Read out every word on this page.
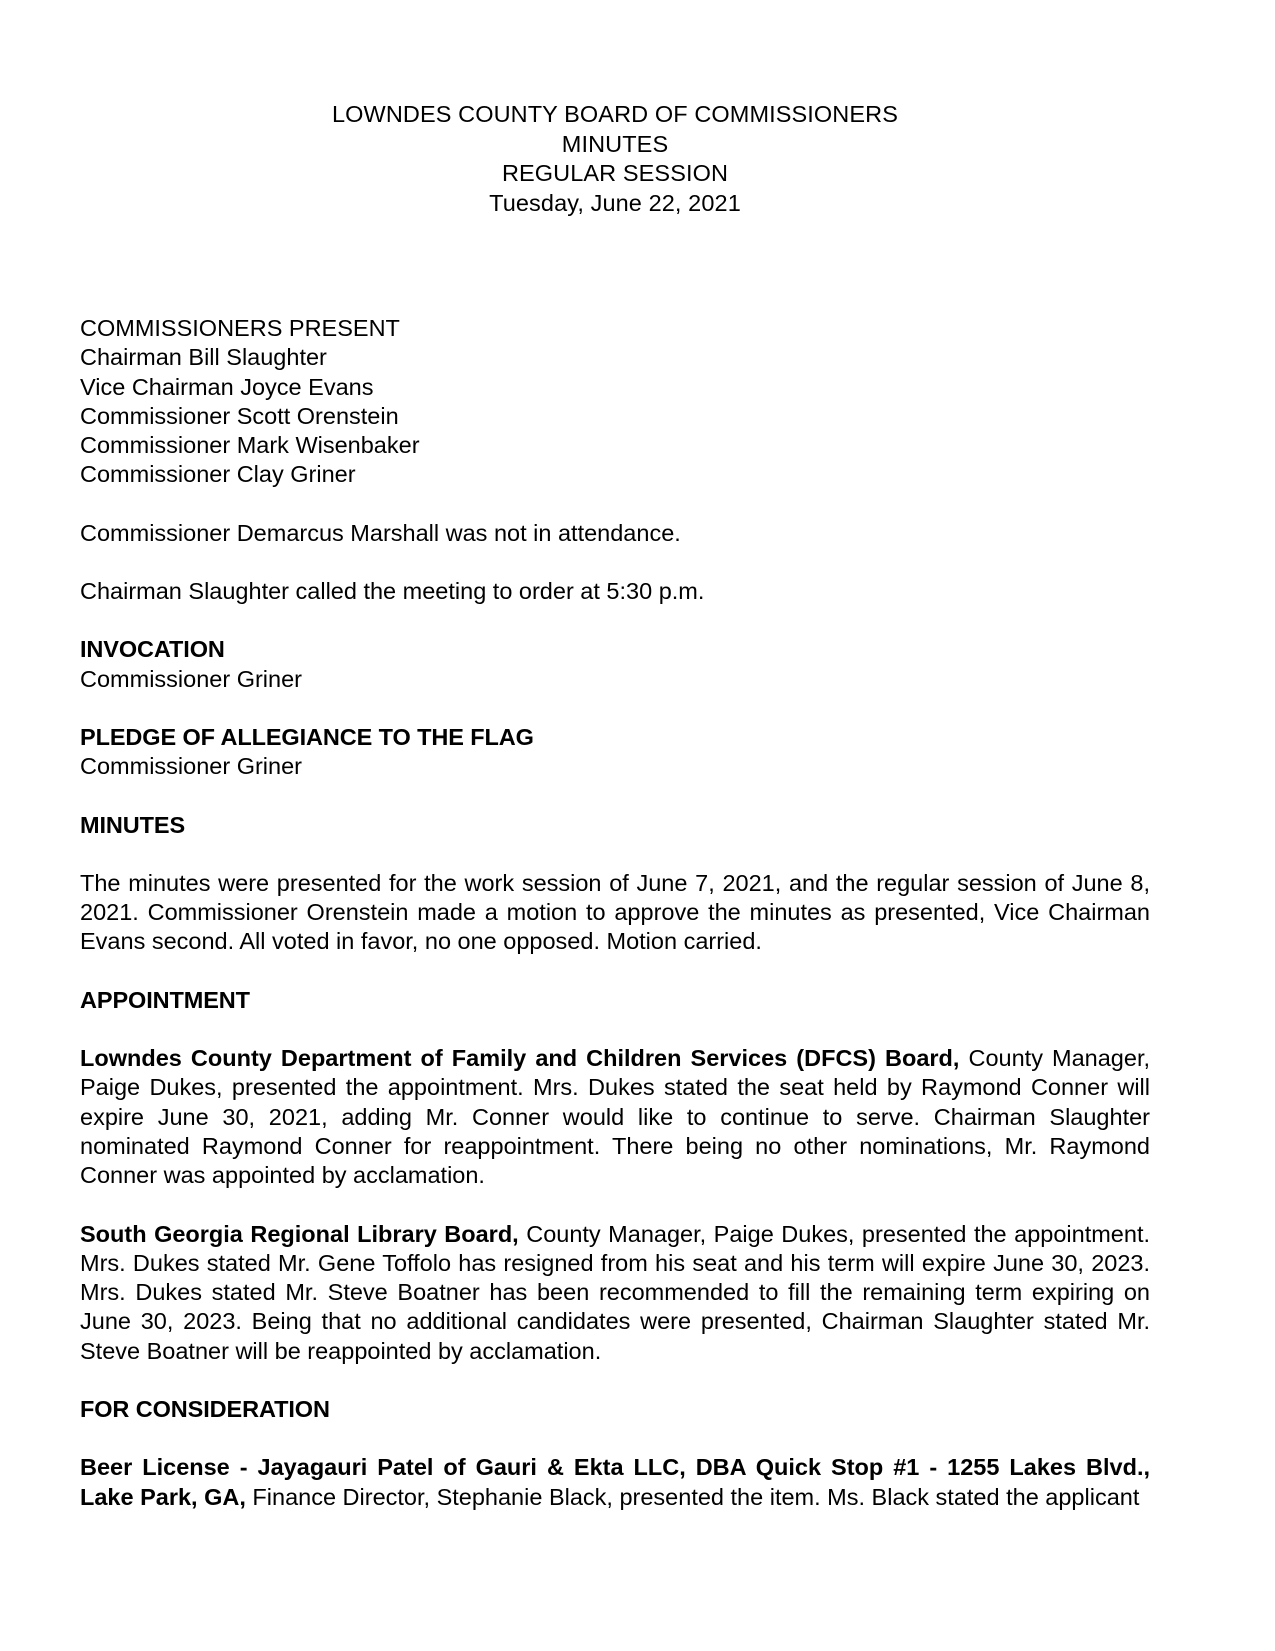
LOWNDES COUNTY BOARD OF COMMISSIONERS
MINUTES
REGULAR SESSION
Tuesday, June 22, 2021
COMMISSIONERS PRESENT
Chairman Bill Slaughter
Vice Chairman Joyce Evans
Commissioner Scott Orenstein
Commissioner Mark Wisenbaker
Commissioner Clay Griner
Commissioner Demarcus Marshall was not in attendance.
Chairman Slaughter called the meeting to order at 5:30 p.m.
INVOCATION
Commissioner Griner
PLEDGE OF ALLEGIANCE TO THE FLAG
Commissioner Griner
MINUTES
The minutes were presented for the work session of June 7, 2021, and the regular session of June 8, 2021. Commissioner Orenstein made a motion to approve the minutes as presented, Vice Chairman Evans second. All voted in favor, no one opposed. Motion carried.
APPOINTMENT
Lowndes County Department of Family and Children Services (DFCS) Board, County Manager, Paige Dukes, presented the appointment. Mrs. Dukes stated the seat held by Raymond Conner will expire June 30, 2021, adding Mr. Conner would like to continue to serve. Chairman Slaughter nominated Raymond Conner for reappointment. There being no other nominations, Mr. Raymond Conner was appointed by acclamation.
South Georgia Regional Library Board, County Manager, Paige Dukes, presented the appointment. Mrs. Dukes stated Mr. Gene Toffolo has resigned from his seat and his term will expire June 30, 2023. Mrs. Dukes stated Mr. Steve Boatner has been recommended to fill the remaining term expiring on June 30, 2023. Being that no additional candidates were presented, Chairman Slaughter stated Mr. Steve Boatner will be reappointed by acclamation.
FOR CONSIDERATION
Beer License - Jayagauri Patel of Gauri & Ekta LLC, DBA Quick Stop #1 - 1255 Lakes Blvd., Lake Park, GA, Finance Director, Stephanie Black, presented the item. Ms. Black stated the applicant
